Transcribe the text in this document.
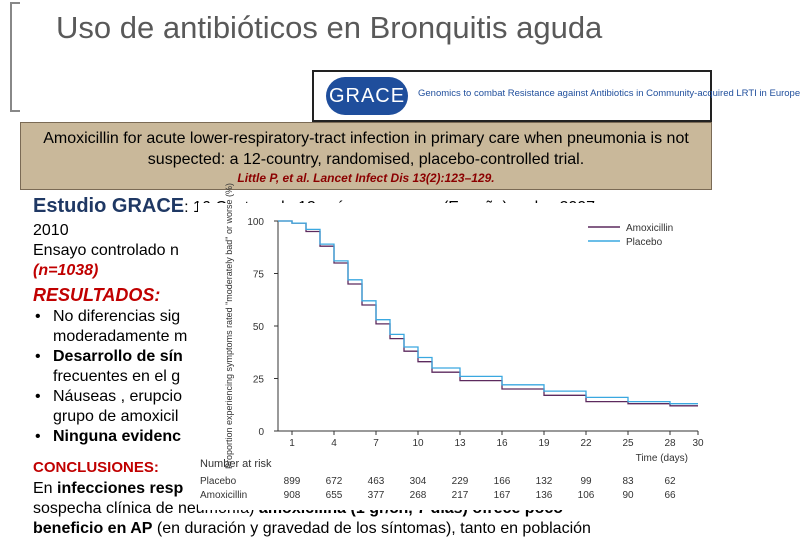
Uso de antibióticos en Bronquitis aguda
GRACE	Genomics to combat Resistance against Antibiotics in Community-acquired LRTI in Europe
Amoxicillin for acute lower-respiratory-tract infection in primary care when pneumonia is not suspected: a 12-country, randomised, placebo-controlled trial.
Little P, et al. Lancet Infect Dis 13(2):123–129.
Estudio GRACE: 16 Centros de 12 países europeos (España) en los 2007-
2010
Ensayo controlado n
(n=1038)
RESULTADOS:
• No diferencias sig
moderadamente m
• Desarrollo de sín
frecuentes en el g
• Náuseas , erupcio
grupo de amoxicil
• Ninguna evidenc
CONCLUSIONES:
En infecciones resp
sospecha clínica de neumonía) amoxicilina (1 gr/8h, 7 días) ofrece poco
beneficio en AP (en duración y gravedad de los síntomas), tanto en población
0
25
50
75
100
1	4	7	10	13	16	19	22	25	28 30
Proportion experiencing symptoms rated "moderately bad" or worse (%)	Time (days)
Amoxicillin
Placebo
Number at risk
Placebo	899	672	463	304	229	166	132	99	83	62
Amoxicillin	908	655	377	268	217	167	136	106	90	66
